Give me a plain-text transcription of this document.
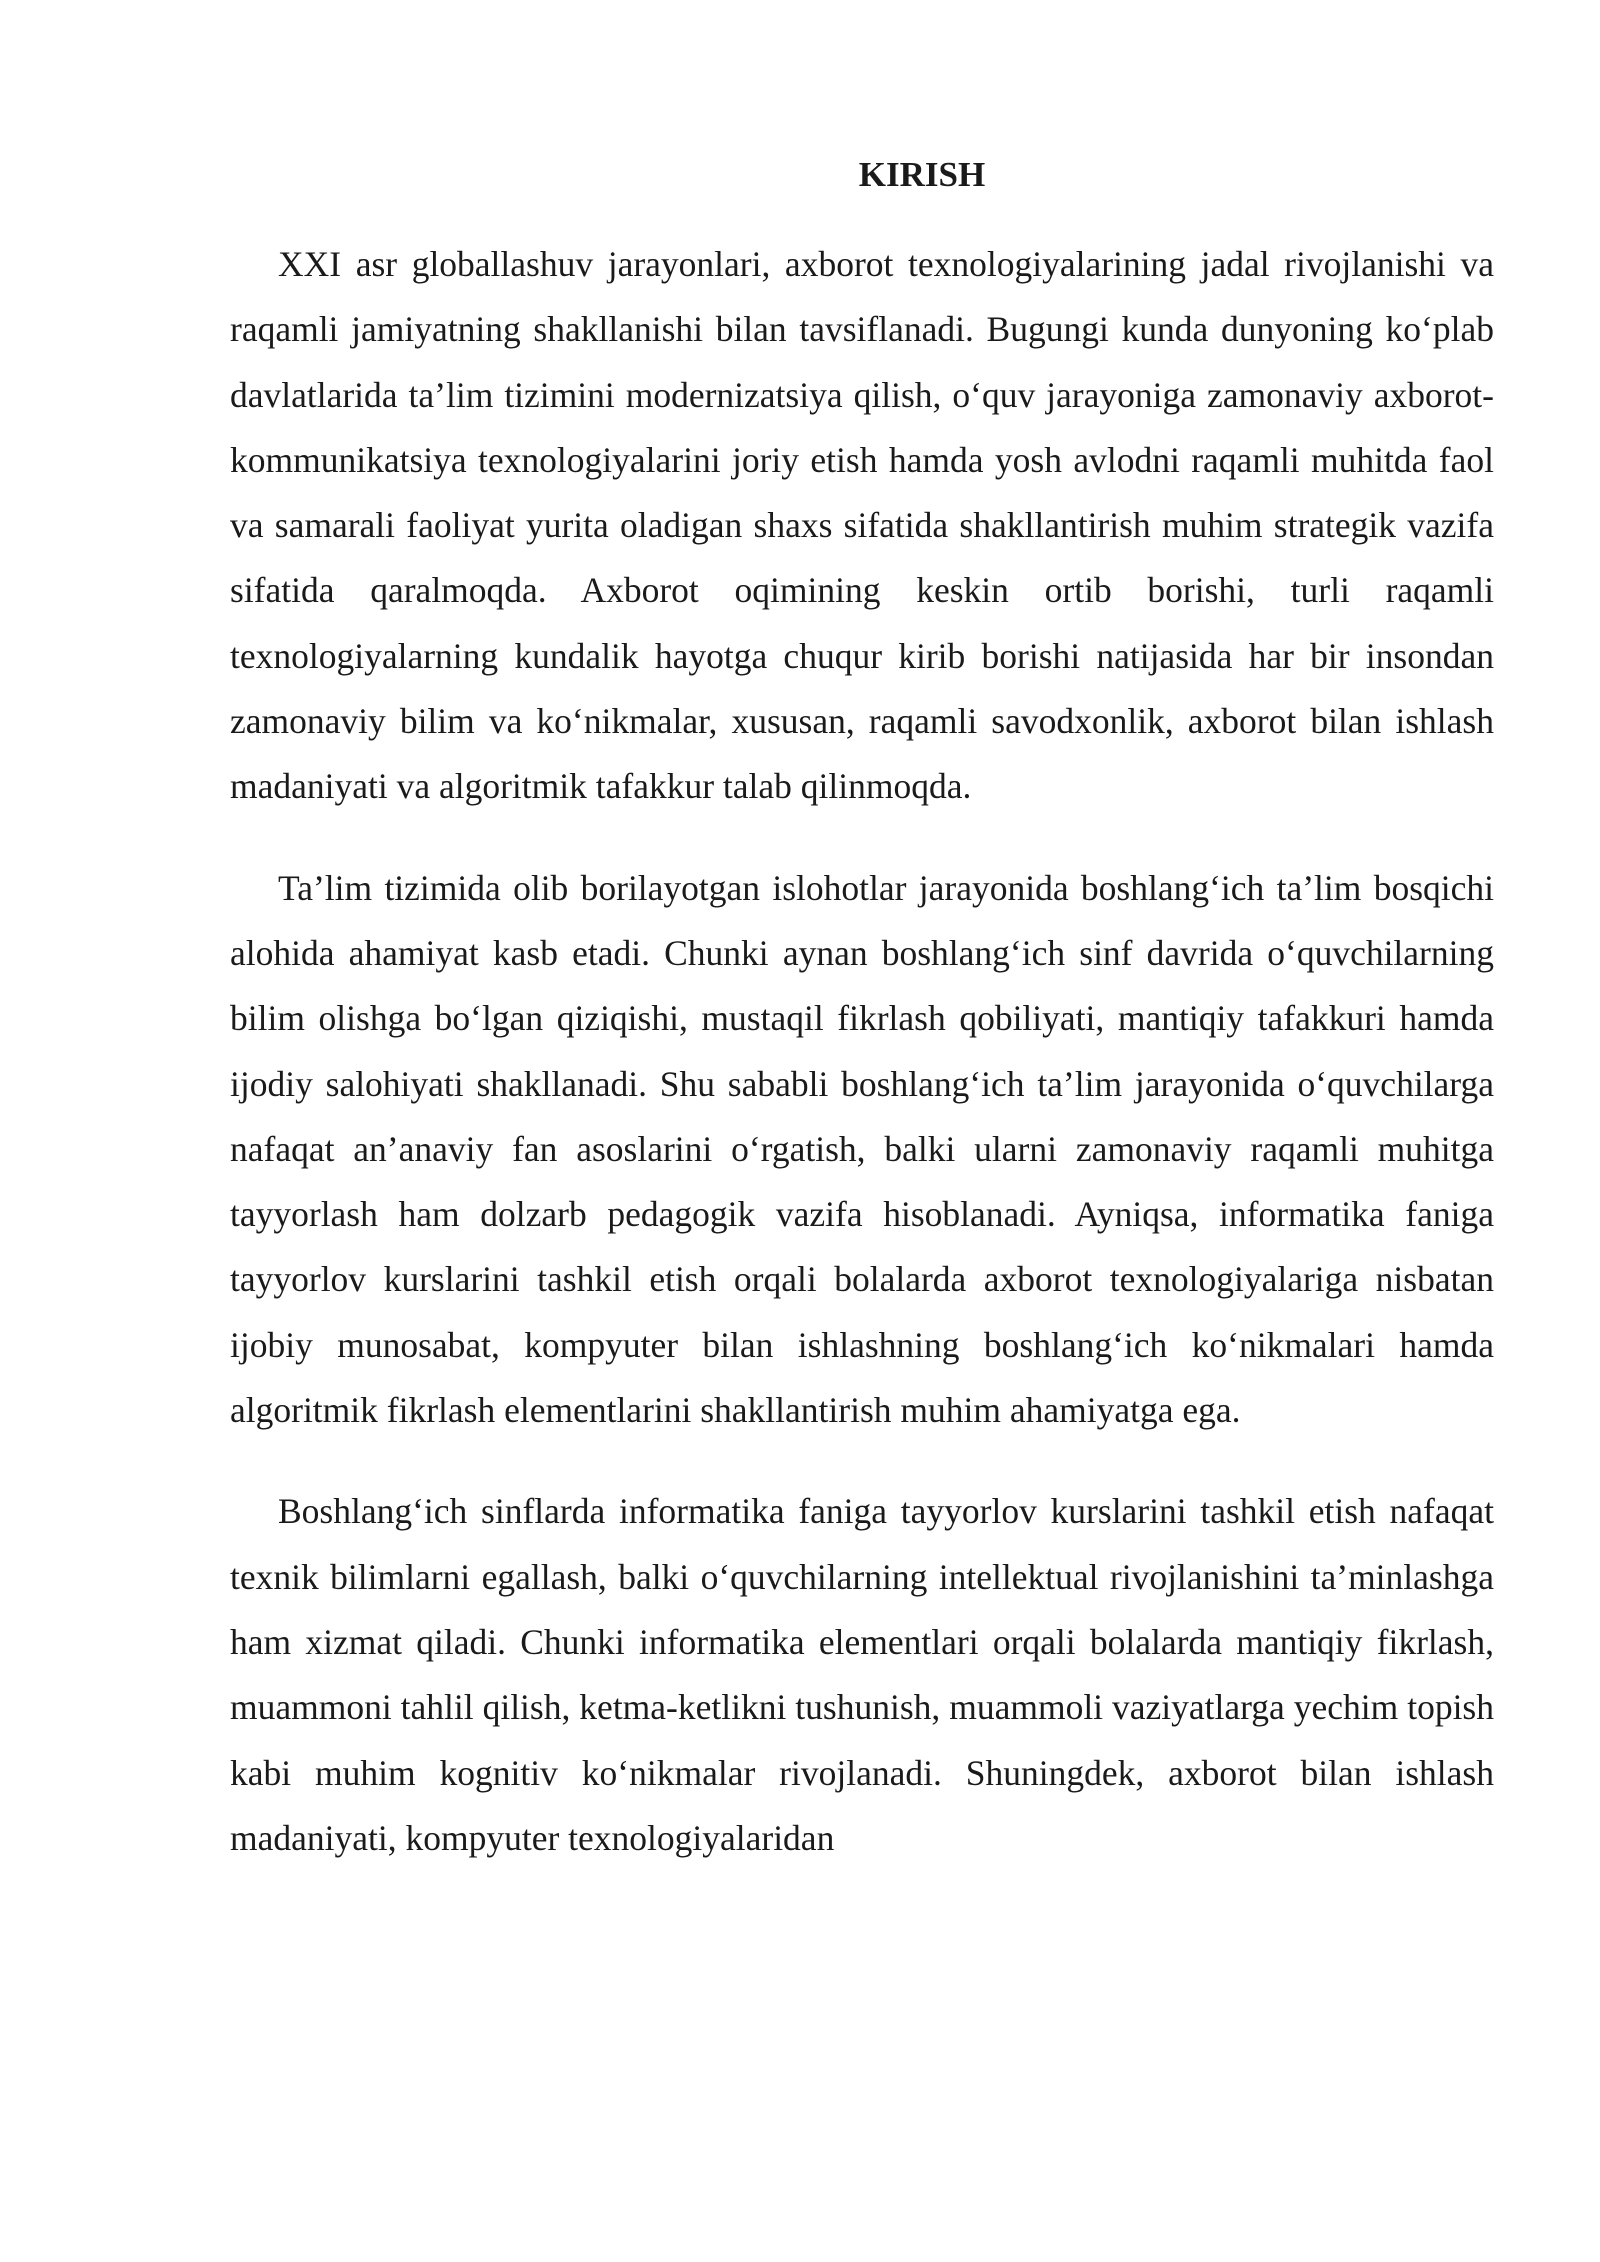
KIRISH

XXI asr globallashuv jarayonlari, axborot texnologiyalarining jadal rivojlanishi va raqamli jamiyatning shakllanishi bilan tavsiflanadi. Bugungi kunda dunyoning ko‘plab davlatlarida ta’lim tizimini modernizatsiya qilish, o‘quv jarayoniga zamonaviy axborot-kommunikatsiya texnologiyalarini joriy etish hamda yosh avlodni raqamli muhitda faol va samarali faoliyat yurita oladigan shaxs sifatida shakllantirish muhim strategik vazifa sifatida qaralmoqda. Axborot oqimining keskin ortib borishi, turli raqamli texnologiyalarning kundalik hayotga chuqur kirib borishi natijasida har bir insondan zamonaviy bilim va ko‘nikmalar, xususan, raqamli savodxonlik, axborot bilan ishlash madaniyati va algoritmik tafakkur talab qilinmoqda.

Ta’lim tizimida olib borilayotgan islohotlar jarayonida boshlang‘ich ta’lim bosqichi alohida ahamiyat kasb etadi. Chunki aynan boshlang‘ich sinf davrida o‘quvchilarning bilim olishga bo‘lgan qiziqishi, mustaqil fikrlash qobiliyati, mantiqiy tafakkuri hamda ijodiy salohiyati shakllanadi. Shu sababli boshlang‘ich ta’lim jarayonida o‘quvchilarga nafaqat an’anaviy fan asoslarini o‘rgatish, balki ularni zamonaviy raqamli muhitga tayyorlash ham dolzarb pedagogik vazifa hisoblanadi. Ayniqsa, informatika faniga tayyorlov kurslarini tashkil etish orqali bolalarda axborot texnologiyalariga nisbatan ijobiy munosabat, kompyuter bilan ishlashning boshlang‘ich ko‘nikmalari hamda algoritmik fikrlash elementlarini shakllantirish muhim ahamiyatga ega.

Boshlang‘ich sinflarda informatika faniga tayyorlov kurslarini tashkil etish nafaqat texnik bilimlarni egallash, balki o‘quvchilarning intellektual rivojlanishini ta’minlashga ham xizmat qiladi. Chunki informatika elementlari orqali bolalarda mantiqiy fikrlash, muammoni tahlil qilish, ketma-ketlikni tushunish, muammoli vaziyatlarga yechim topish kabi muhim kognitiv ko‘nikmalar rivojlanadi. Shuningdek, axborot bilan ishlash madaniyati, kompyuter texnologiyalaridan
